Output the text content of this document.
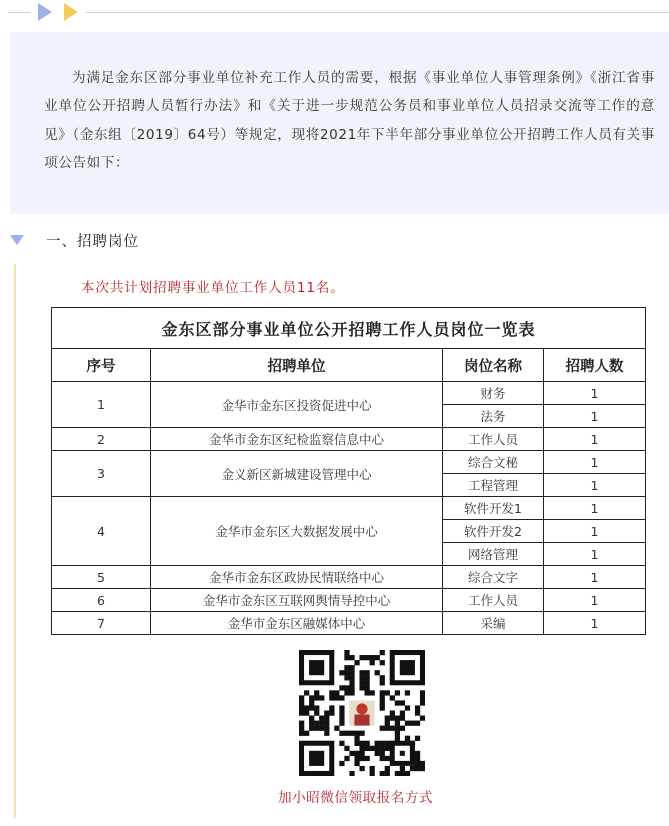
为满足金东区部分事业单位补充工作人员的需要，根据《事业单位人事管理条例》《浙江省事业单位公开招聘人员暂行办法》和《关于进一步规范公务员和事业单位人员招录交流等工作的意见》（金东组〔2019〕64号）等规定，现将2021年下半年部分事业单位公开招聘工作人员有关事项公告如下：

一、招聘岗位
本次共计划招聘事业单位工作人员11名。
金东区部分事业单位公开招聘工作人员岗位一览表			
序号	招聘单位	岗位名称	招聘人数
1	金华市金东区投资促进中心	财务	1
		法务	1
2	金华市金东区纪检监察信息中心	工作人员	1
3	金义新区新城建设管理中心	综合文秘	1
		工程管理	1
4	金华市金东区大数据发展中心	软件开发1	1
		软件开发2	1
		网络管理	1
5	金华市金东区政协民情联络中心	综合文字	1
6	金华市金东区互联网舆情导控中心	工作人员	1
7	金华市金东区融媒体中心	采编	1
加小昭微信领取报名方式
